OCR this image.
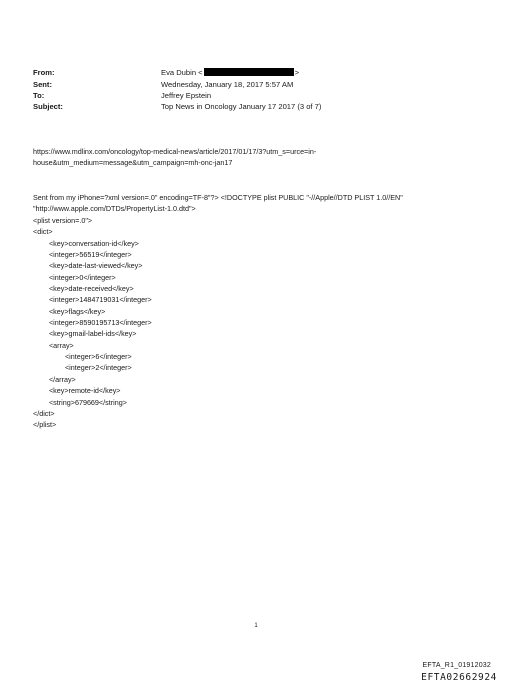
From:	Eva Dubin <	>
Sent:	Wednesday, January 18, 2017 5:57 AM
To:	Jeffrey Epstein
Subject:	Top News in Oncology January 17 2017 (3 of 7)

https://www.mdlinx.com/oncology/top-medical-news/article/2017/01/17/3?utm_s=urce=in-

house&utm_medium=message&utm_campaign=mh-onc-jan17

Sent from my iPhone=?xml version=.0" encoding=TF-8"?> <!DOCTYPE plist PUBLIC "-//Apple//DTD PLIST 1.0//EN"

"http://www.apple.com/DTDs/PropertyList-1.0.dtd">

<plist version=.0">
<dict>
<key>conversation-id</key>
<integer>56519</integer>
<key>date-last-viewed</key>
<integer>0</integer>
<key>date-received</key>
<integer>1484719031</integer>
<key>flags</key>
<integer>8590195713</integer>
<key>gmail-label-ids</key>
<array>
<integer>6</integer>
<integer>2</integer>
</array>
<key>remote-id</key>
<string>679669</string>
</dict>
</plist>
1
EFTA_R1_01912032
EFTA02662924
